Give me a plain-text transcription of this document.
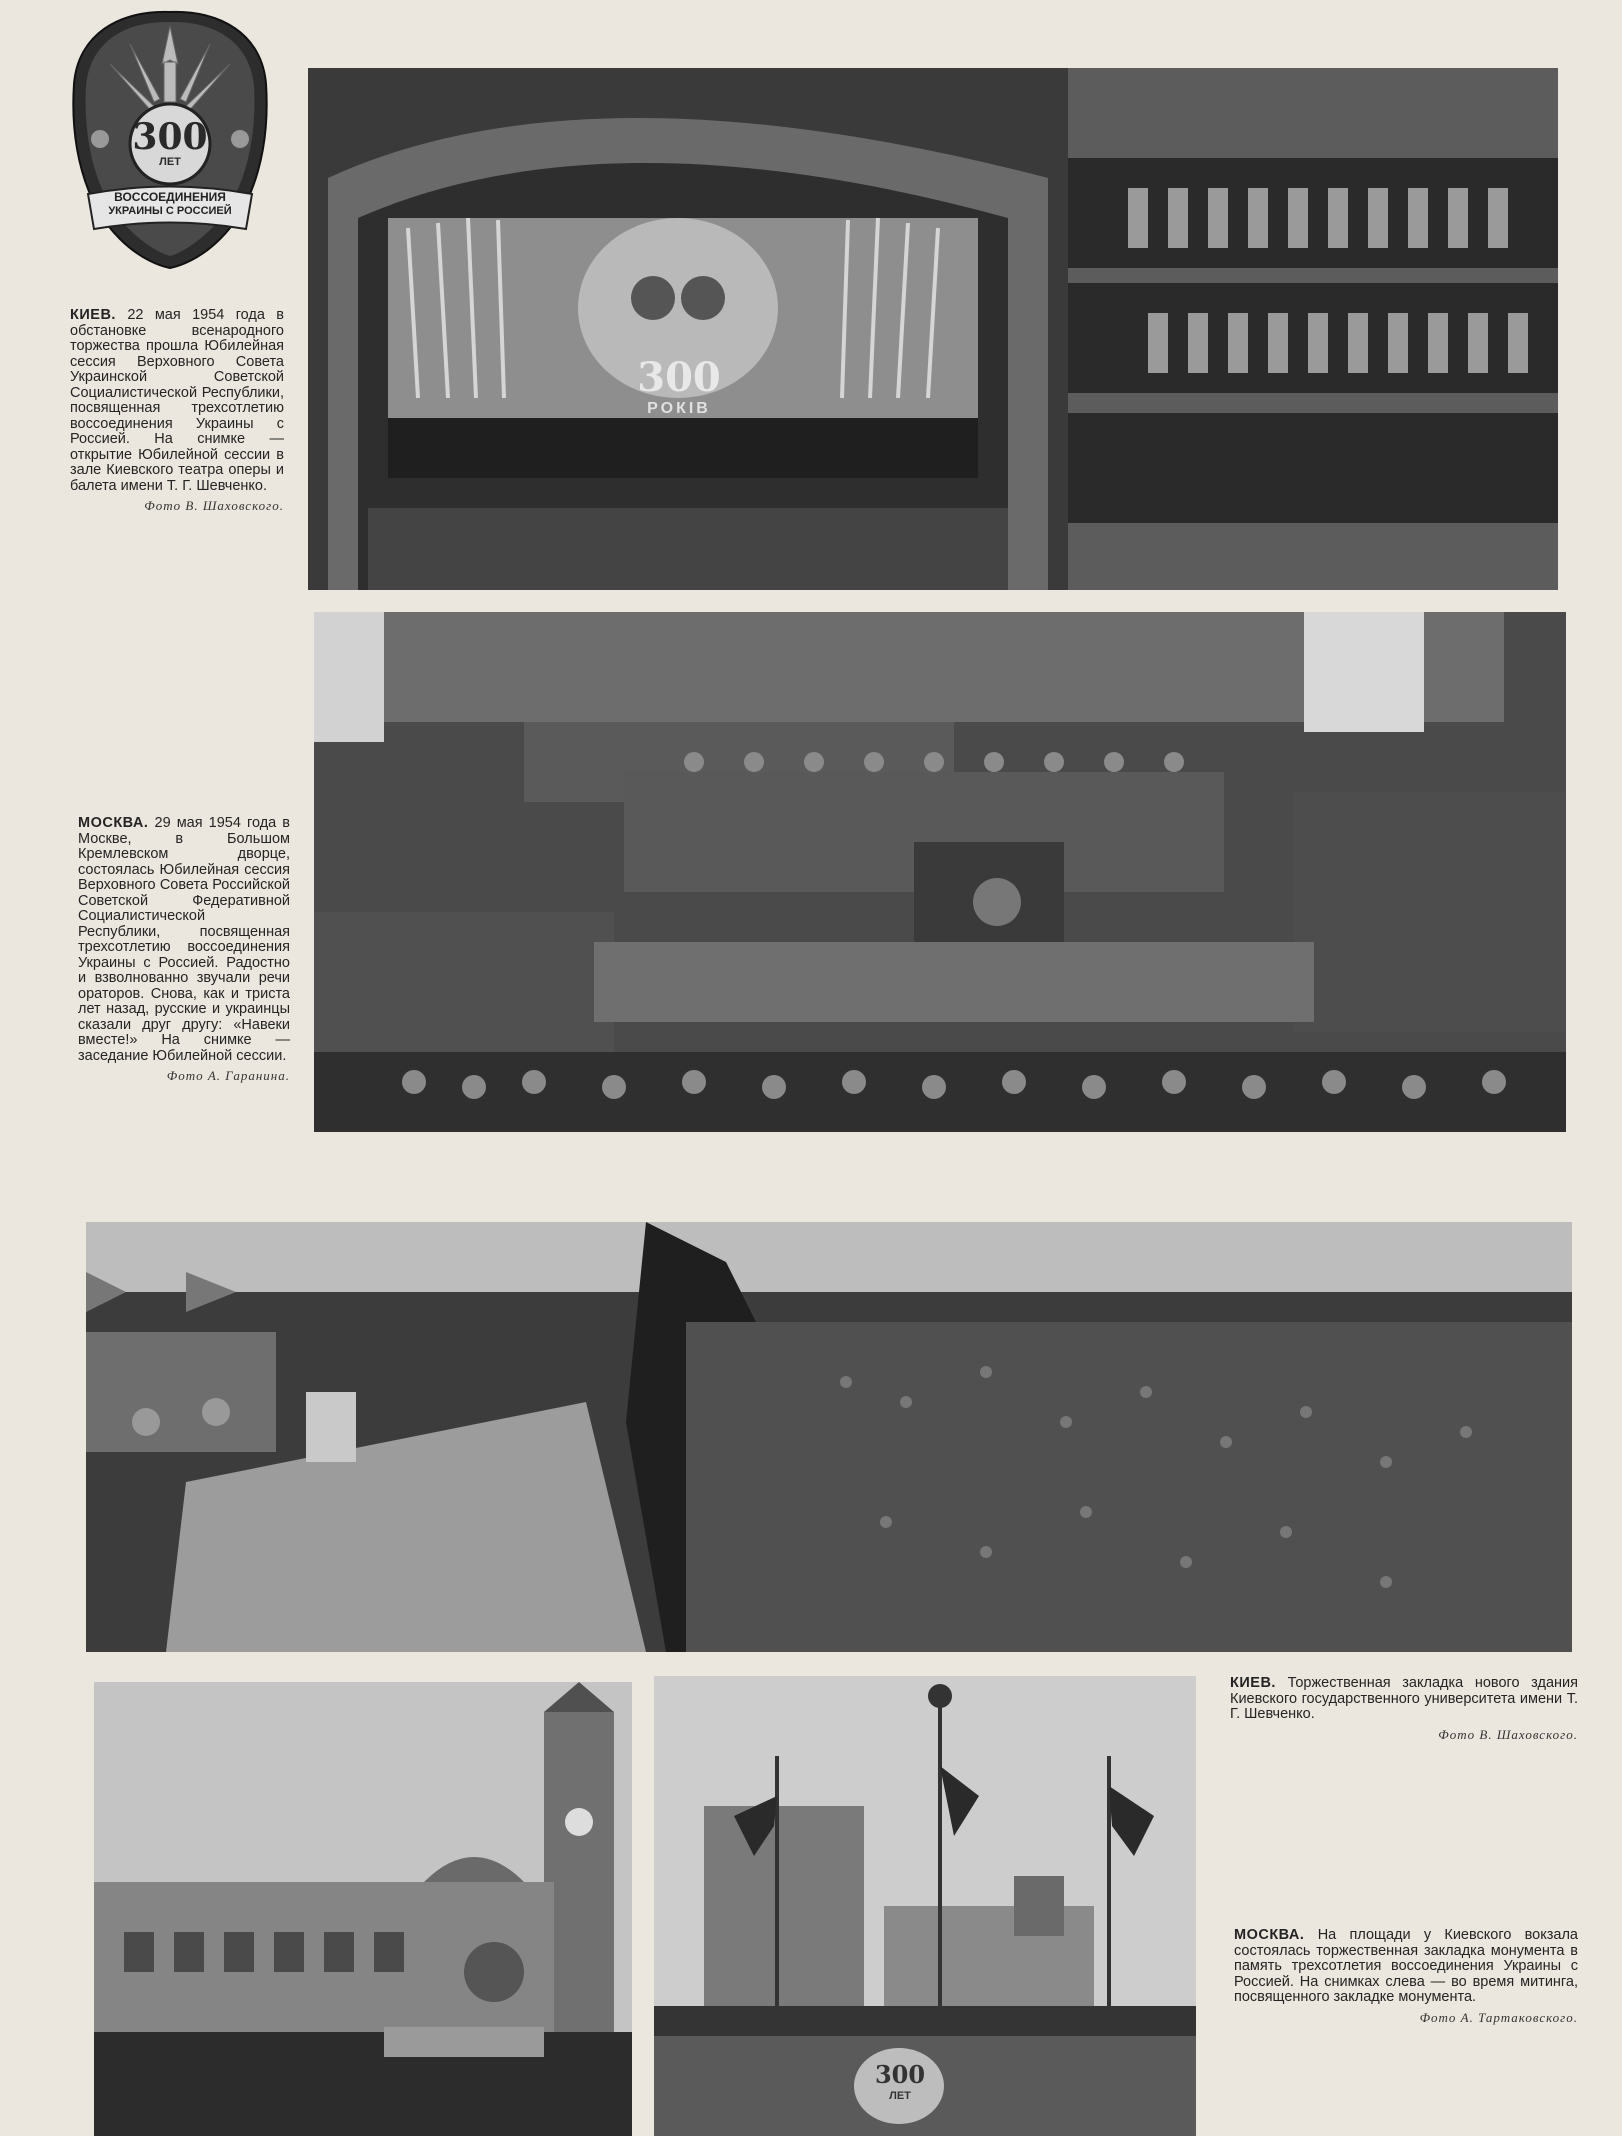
300
ЛЕТ
ВОССОЕДИНЕНИЯ
УКРАИНЫ С РОССИЕЙ
300
РОКІВ
КИЕВ. 22 мая 1954 года в обстановке всенародного торжества прошла Юбилейная сессия Верховного Совета Украинской Советской Социалистической Республики, посвященная трехсотлетию воссоединения Украины с Россией. На снимке — открытие Юбилейной сессии в зале Киевского театра оперы и балета имени Т. Г. Шевченко.
Фото В. Шаховского.
МОСКВА. 29 мая 1954 года в Москве, в Большом Кремлевском дворце, состоялась Юбилейная сессия Верховного Совета Российской Советской Федеративной Социалистической Республики, посвященная трехсотлетию воссоединения Украины с Россией. Радостно и взволнованно звучали речи ораторов. Снова, как и триста лет назад, русские и украинцы сказали друг другу: «Навеки вместе!» На снимке — заседание Юбилейной сессии.
Фото А. Гаранина.
300
ЛЕТ
КИЕВ. Торжественная закладка нового здания Киевского государственного университета имени Т. Г. Шевченко.
Фото В. Шаховского.
МОСКВА. На площади у Киевского вокзала состоялась торжественная закладка монумента в память трехсотлетия воссоединения Украины с Россией. На снимках слева — во время митинга, посвященного закладке монумента.
Фото А. Тартаковского.
